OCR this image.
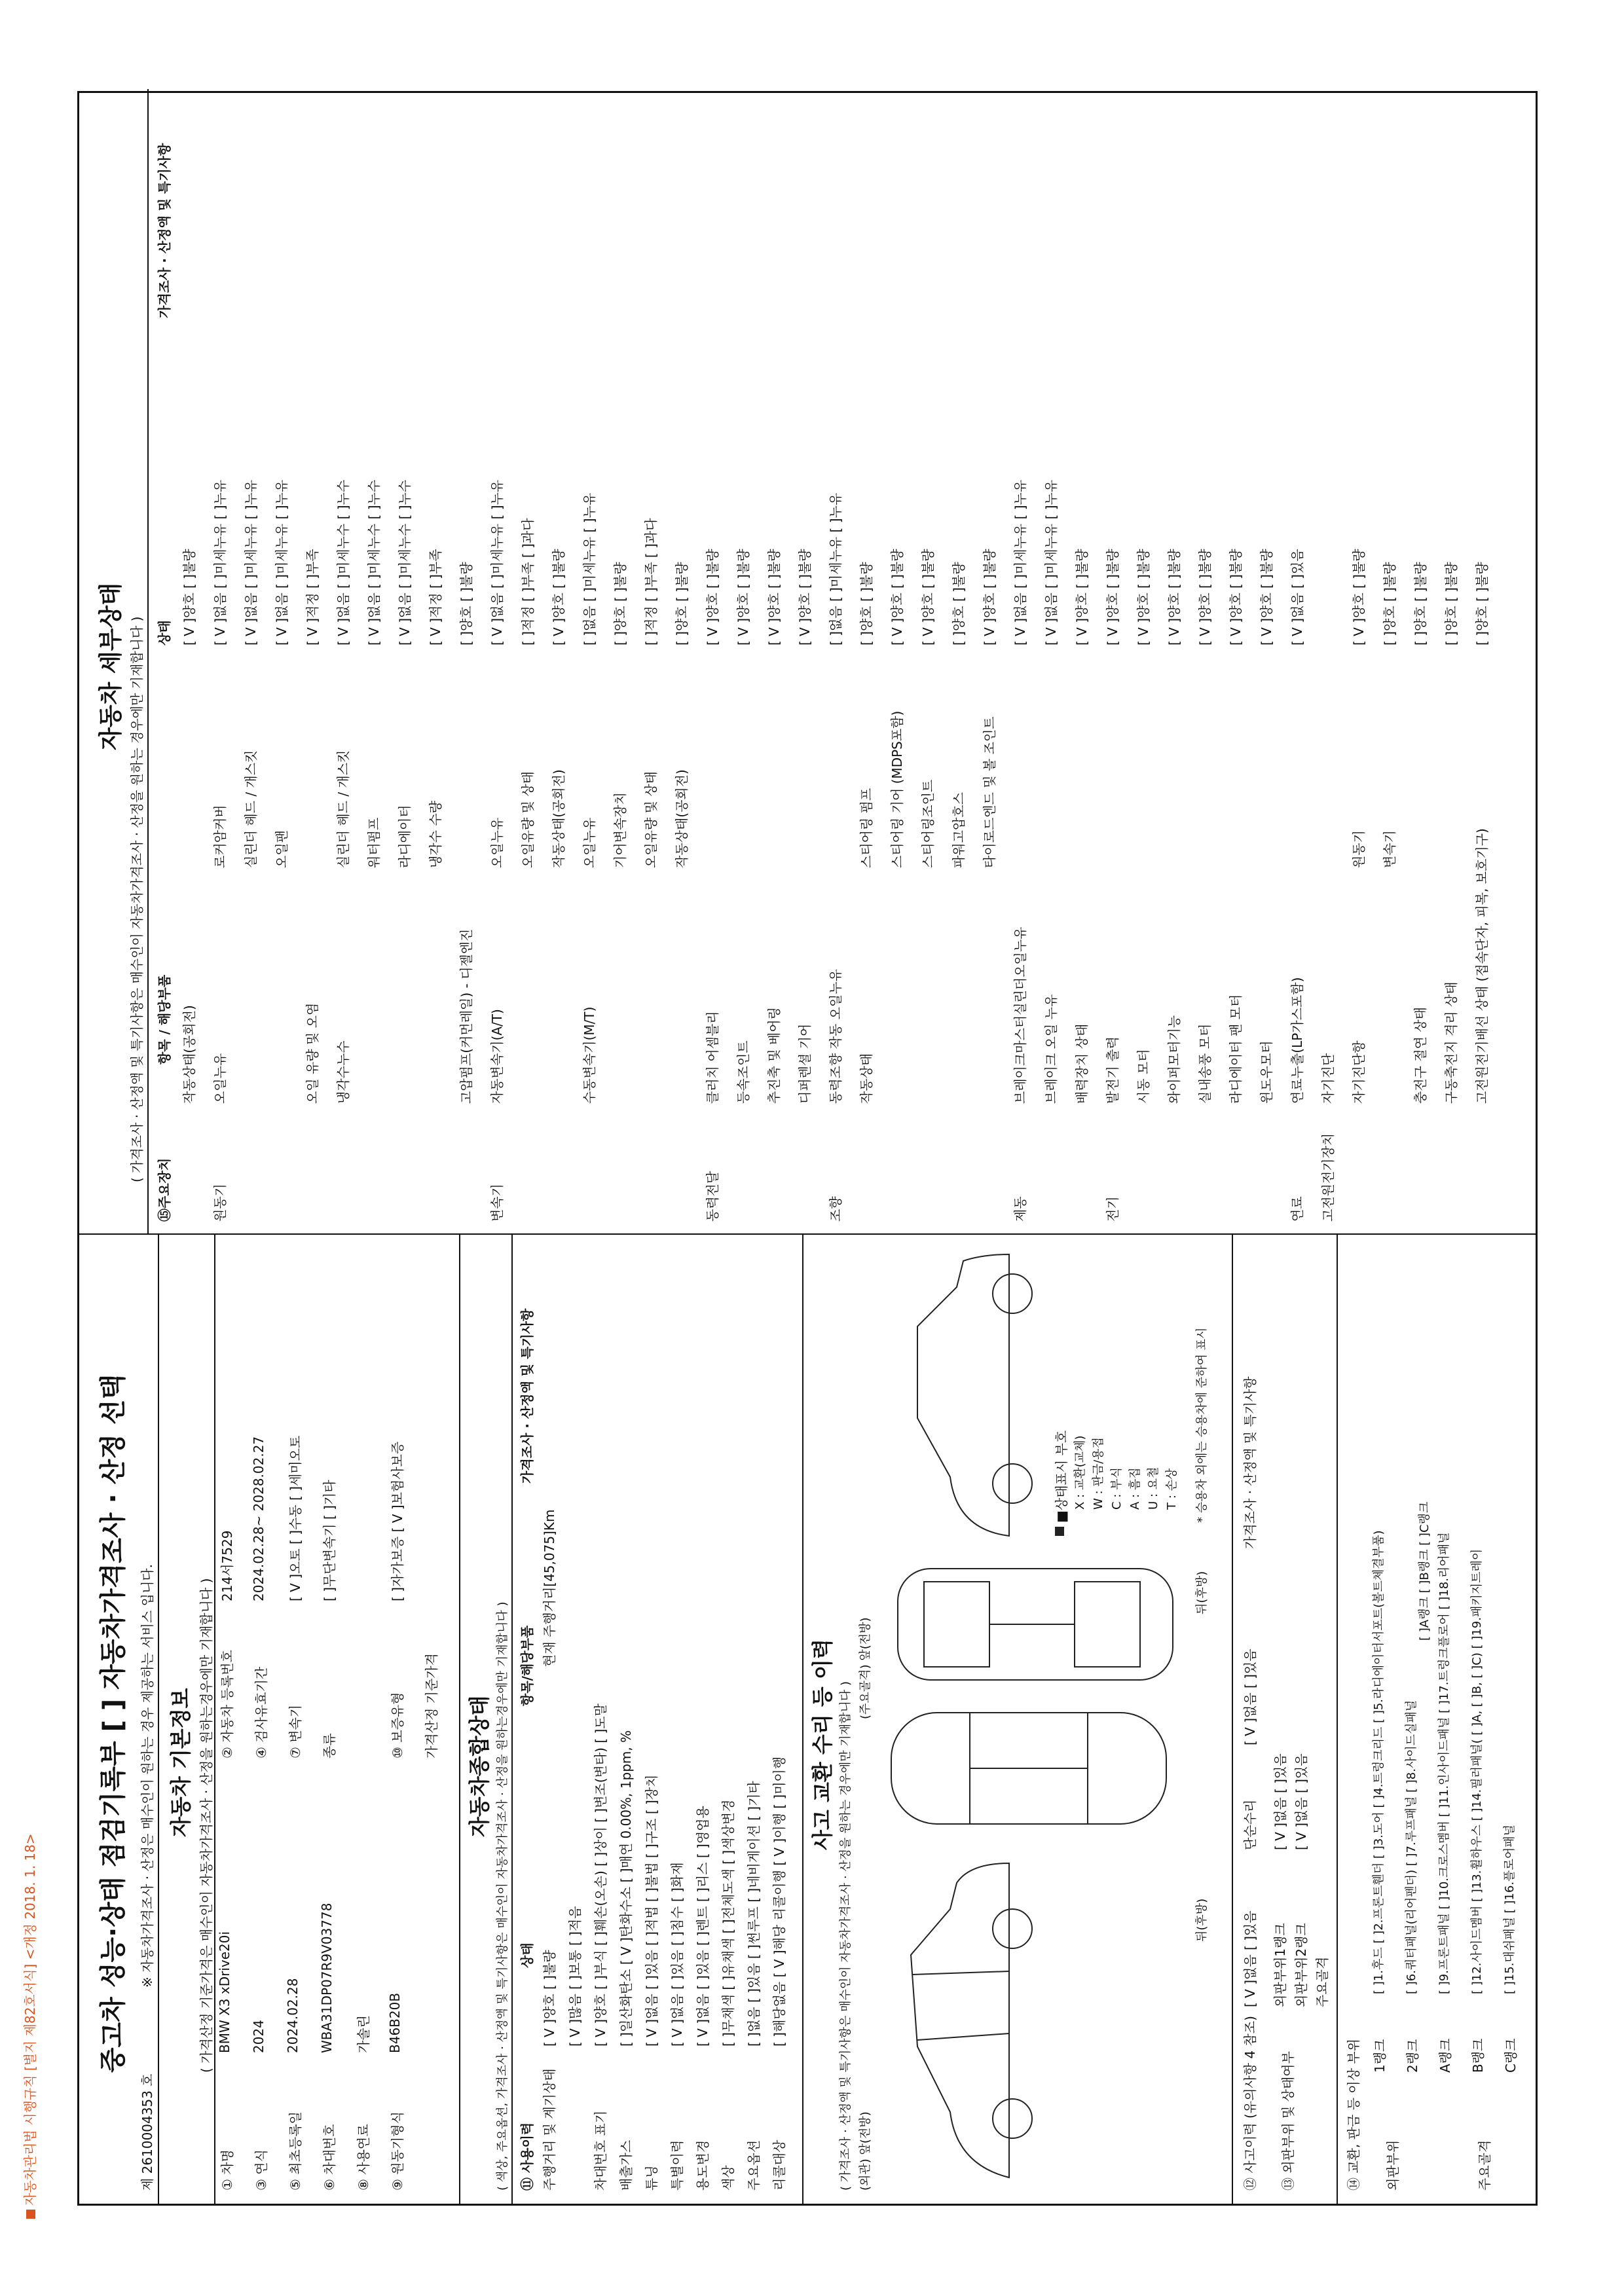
자동차관리법 시행규칙 [별지 제82호서식] <개정 2018. 1. 18> 중고차 성능·상태 점검기록부 [ ] 자동차가격조사 · 산정 선택
제 2610004353 호
※ 자동차가격조사 · 산정은 매수인이 원하는 경우 제공하는 서비스 입니다. 자동차 기본정보 ( 가격산정 기준가격은 매수인이 자동차가격조사 · 산정을 원하는경우에만 기재합니다 )
① 차명
BMW X3 xDrive20i
② 자동차 등록번호
214서7529
③ 연식
2024
④ 검사유효기간
2024.02.28~ 2028.02.27
⑤ 최초등록일
2024.02.28
⑦ 변속기
[ V ]오토 [ ]수동 [ ]세미오토
⑥ 차대번호
WBA31DP07R9V03778
종류
[ ]무단변속기 [ ]기타
⑧ 사용연료
가솔린
⑨ 원동기형식
B46B20B
⑩ 보증유형
[ ]자가보증 [ V ]보험사보증
가격산정 기준가격 자동차종합상태 ( 색상, 주요옵션, 가격조사 · 산정액 및 특기사항은 매수인이 자동차가격조사 · 산정을 원하는경우에만 기재합니다 ) ⑪ 사용이력
상태
항목/해당부품
가격조사 · 산정액 및 특기사항
주행거리 및 계기상태
[ V ]양호 [ ]불량
현재 주행거리[45,075]Km
[ V ]많음 [ ]보통 [ ]적음
차대번호 표기
[ V ]양호 [ ]부식 [ ]훼손(오손) [ ]상이 [ ]변조(변타) [ ]도말
배출가스
[ ]일산화탄소 [ V ]탄화수소 [ ]매연 0.00%, 1ppm, %
튜닝
[ V ]없음 [ ]있음 [ ]적법 [ ]불법 [ ]구조 [ ]장치
특별이력
[ V ]없음 [ ]있음 [ ]침수 [ ]화재
용도변경
[ V ]없음 [ ]있음 [ ]렌트 [ ]리스 [ ]영업용
색상
[ ]무채색 [ ]유채색 [ ]전체도색 [ ]색상변경
주요옵션
[ ]없음 [ ]있음 [ ]썬루프 [ ]네비게이션 [ ]기타
리콜대상
[ ]해당없음 [ V ]해당 리콜이행 [ V ]이행 [ ]미이행
사고 교환 수리 등 이력 ( 가격조사 · 산정액 및 특기사항은 매수인이 자동차가격조사 · 산정을 원하는 경우에만 기재합니다 ) (외관) 앞(전방)
(주요골격) 앞(전방)
■상태표시 부호 X : 교환(교체) W : 판금/용접 C : 부식 A : 흠집 U : 요철 T : 손상 * 승용차 외에는 승용차에 준하여 표시
뒤(후방)
뒤(후방)
⑫ 사고이력 (유의사항 4 참조)
[ V ]없음 [ ]있음
단순수리
[ V ]없음 [ ]있음
가격조사 · 산정액 및 특기사항
⑬ 외판부위 및 상태여부
외판부위1랭크
[ V ]없음 [ ]있음
외판부위2랭크
[ V ]없음 [ ]있음
주요골격
⑭ 교환, 판금 등 이상 부위 외판부위	주요골격
1랭크
[ ]1.후드 [ ]2.프론트휀더 [ ]3.도어 [ ]4.트렁크리드 [ ]5.라디에이터서포트(볼트체결부품)
2랭크
[ ]6.쿼터패널(리어펜더) [ ]7.루프패널 [ ]8.사이드실패널
A랭크
[ ]9.프론트패널 [ ]10.크로스멤버 [ ]11.인사이드패널 [ ]17.트렁크플로어 [ ]18.리어패널
B랭크
[ ]12.사이드멤버 [ ]13.휠하우스 [ ]14.필러패널( [ ]A, [ ]B, [ ]C) [ ]19.패키지트레이
C랭크
[ ]15.대쉬패널 [ ]16.플로어패널
[ ]A랭크 [ ]B랭크 [ ]C랭크
자동차 세부상태 ( 가격조사 · 산정액 및 특기사항은 매수인이 자동차가격조사 · 산정을 원하는 경우에만 기재합니다 )
⑮주요장치
항목 / 해당부품
상태
가격조사 · 산정액 및 특기사항
작동상태(공회전)
[ V ]양호 [ ]불량
원동기
오일누유
로커암커버
[ V ]없음 [ ]미세누유 [ ]누유
실린더 헤드 / 개스킷
[ V ]없음 [ ]미세누유 [ ]누유
오일팬
[ V ]없음 [ ]미세누유 [ ]누유
오일 유량 및 오염
[ V ]적정 [ ]부족
냉각수누수
실린더 헤드 / 개스킷
[ V ]없음 [ ]미세누수 [ ]누수
워터펌프
[ V ]없음 [ ]미세누수 [ ]누수
라디에이터
[ V ]없음 [ ]미세누수 [ ]누수
냉각수 수량
[ V ]적정 [ ]부족
고압펌프(커먼레일) - 디젤엔진
[ ]양호 [ ]불량
변속기
자동변속기(A/T)
오일누유
[ V ]없음 [ ]미세누유 [ ]누유
오일유량 및 상태
[ ]적정 [ ]부족 [ ]과다
작동상태(공회전)
[ V ]양호 [ ]불량
수동변속기(M/T)
오일누유
[ ]없음 [ ]미세누유 [ ]누유
기어변속장치
[ ]양호 [ ]불량
오일유량 및 상태
[ ]적정 [ ]부족 [ ]과다
작동상태(공회전)
[ ]양호 [ ]불량
동력전달
클러치 어셈블리
[ V ]양호 [ ]불량
등속조인트
[ V ]양호 [ ]불량
추진축 및 베어링
[ V ]양호 [ ]불량
디퍼렌셜 기어
[ V ]양호 [ ]불량
조향
동력조향 작동 오일누유
[ ]없음 [ ]미세누유 [ ]누유
작동상태
스티어링 펌프
[ ]양호 [ ]불량
스티어링 기어 (MDPS포함)
[ V ]양호 [ ]불량
스티어링조인트
[ V ]양호 [ ]불량
파워고압호스
[ ]양호 [ ]불량
타이로드엔드 및 볼 조인트
[ V ]양호 [ ]불량
제동
브레이크마스터실린더오일누유
[ V ]없음 [ ]미세누유 [ ]누유
브레이크 오일 누유
[ V ]없음 [ ]미세누유 [ ]누유
배력장치 상태
[ V ]양호 [ ]불량
전기
발전기 출력
[ V ]양호 [ ]불량
시동 모터
[ V ]양호 [ ]불량
와이퍼모터기능
[ V ]양호 [ ]불량
실내송풍 모터
[ V ]양호 [ ]불량
라디에이터 팬 모터
[ V ]양호 [ ]불량
윈도우모터
[ V ]양호 [ ]불량
연료
연료누출(LP가스포함)
[ V ]없음 [ ]있음
고전원전기장치
자기진단 자기진단항
원동기
[ V ]양호 [ ]불량
변속기
[ ]양호 [ ]불량
충전구 절연 상태
[ ]양호 [ ]불량
구동축전지 격리 상태
[ ]양호 [ ]불량
고전원전기배선 상태 (접속단자, 피복, 보호기구)
[ ]양호 [ ]불량
